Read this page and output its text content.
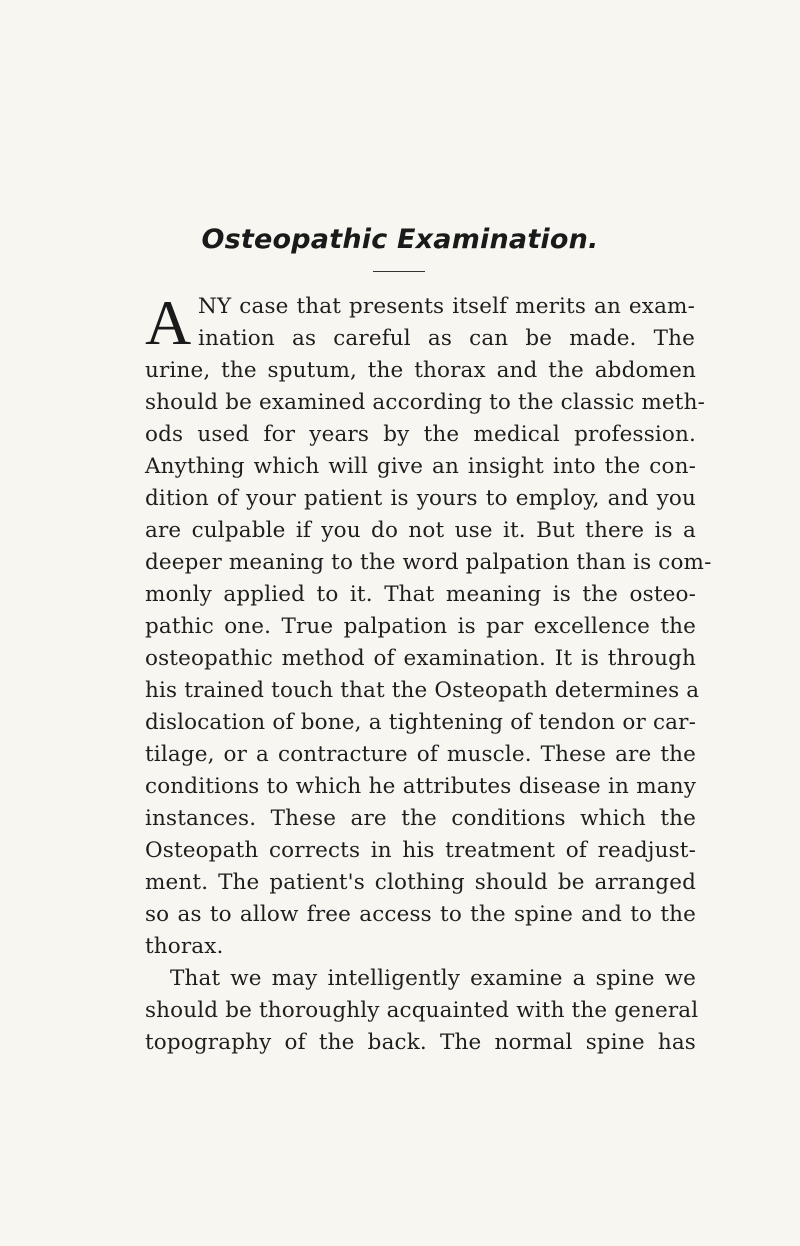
Osteopathic Examination.
A NY case that presents itself merits an exam-
ination as careful as can be made. The
urine, the sputum, the thorax and the abdomen
should be examined according to the classic meth-
ods used for years by the medical profession.
Anything which will give an insight into the con-
dition of your patient is yours to employ, and you
are culpable if you do not use it. But there is a
deeper meaning to the word palpation than is com-
monly applied to it. That meaning is the osteo-
pathic one. True palpation is par excellence the
osteopathic method of examination. It is through
his trained touch that the Osteopath determines a
dislocation of bone, a tightening of tendon or car-
tilage, or a contracture of muscle. These are the
conditions to which he attributes disease in many
instances. These are the conditions which the
Osteopath corrects in his treatment of readjust-
ment. The patient's clothing should be arranged
so as to allow free access to the spine and to the
thorax.
That we may intelligently examine a spine we
should be thoroughly acquainted with the general
topography of the back. The normal spine has
